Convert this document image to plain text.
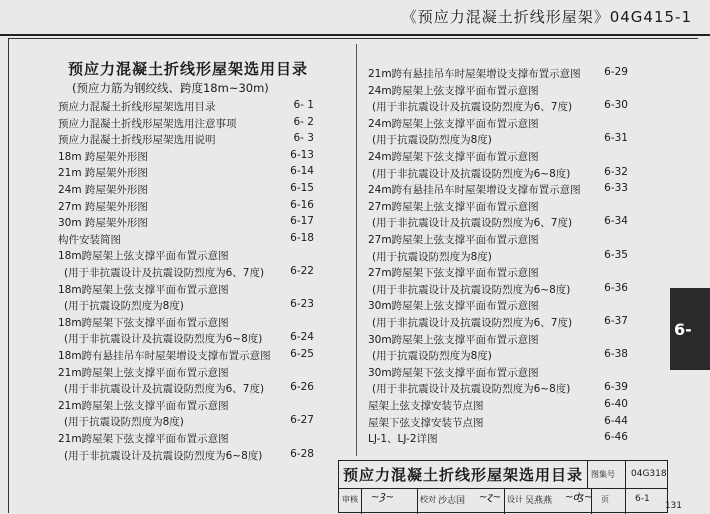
《预应力混凝土折线形屋架》04G415-1
6-
预应力混凝土折线形屋架选用目录
(预应力筋为钢绞线、跨度18m~30m)
预应力混凝土折线形屋架选用目录	6- 1
预应力混凝土折线形屋架选用注意事项	6- 2
预应力混凝土折线形屋架选用说明	6- 3
18m 跨屋架外形图	6-13
21m 跨屋架外形图	6-14
24m 跨屋架外形图	6-15
27m 跨屋架外形图	6-16
30m 跨屋架外形图	6-17
构件安装简图	6-18
18m跨屋架上弦支撑平面布置示意图
(用于非抗震设计及抗震设防烈度为6、7度) 6-22
18m跨屋架上弦支撑平面布置示意图
(用于抗震设防烈度为8度)	6-23
18m跨屋架下弦支撑平面布置示意图
(用于非抗震设计及抗震设防烈度为6~8度)	6-24
18m跨有悬挂吊车时屋架增设支撑布置示意图 6-25
21m跨屋架上弦支撑平面布置示意图
(用于非抗震设计及抗震设防烈度为6、7度) 6-26
21m跨屋架上弦支撑平面布置示意图
(用于抗震设防烈度为8度)	6-27
21m跨屋架下弦支撑平面布置示意图
(用于非抗震设计及抗震设防烈度为6~8度)	6-28
21m跨有悬挂吊车时屋架增设支撑布置示意图 6-29
24m跨屋架上弦支撑平面布置示意图
(用于非抗震设计及抗震设防烈度为6、7度)	6-30
24m跨屋架上弦支撑平面布置示意图
(用于抗震设防烈度为8度)	6-31
24m跨屋架下弦支撑平面布置示意图
(用于非抗震设计及抗震设防烈度为6~8度)	6-32
24m跨有悬挂吊车时屋架增设支撑布置示意图 6-33
27m跨屋架上弦支撑平面布置示意图
(用于非抗震设计及抗震设防烈度为6、7度)	6-34
27m跨屋架上弦支撑平面布置示意图
(用于抗震设防烈度为8度)	6-35
27m跨屋架下弦支撑平面布置示意图
(用于非抗震设计及抗震设防烈度为6~8度)	6-36
30m跨屋架上弦支撑平面布置示意图
(用于非抗震设计及抗震设防烈度为6、7度)	6-37
30m跨屋架上弦支撑平面布置示意图
(用于抗震设防烈度为8度)	6-38
30m跨屋架下弦支撑平面布置示意图
(用于非抗震设计及抗震设防烈度为6~8度)	6-39
屋架上弦支撑安装节点图	6-40
屋架下弦支撑安装节点图	6-44
LJ-1、LJ-2详图	6-46
预应力混凝土折线形屋架选用目录	图集号 04G318
审核 ~Ȝ~	校对 沙志国 ~ɀ~ 设计 吴燕燕 ~ʤ~ 页	6-1
131
